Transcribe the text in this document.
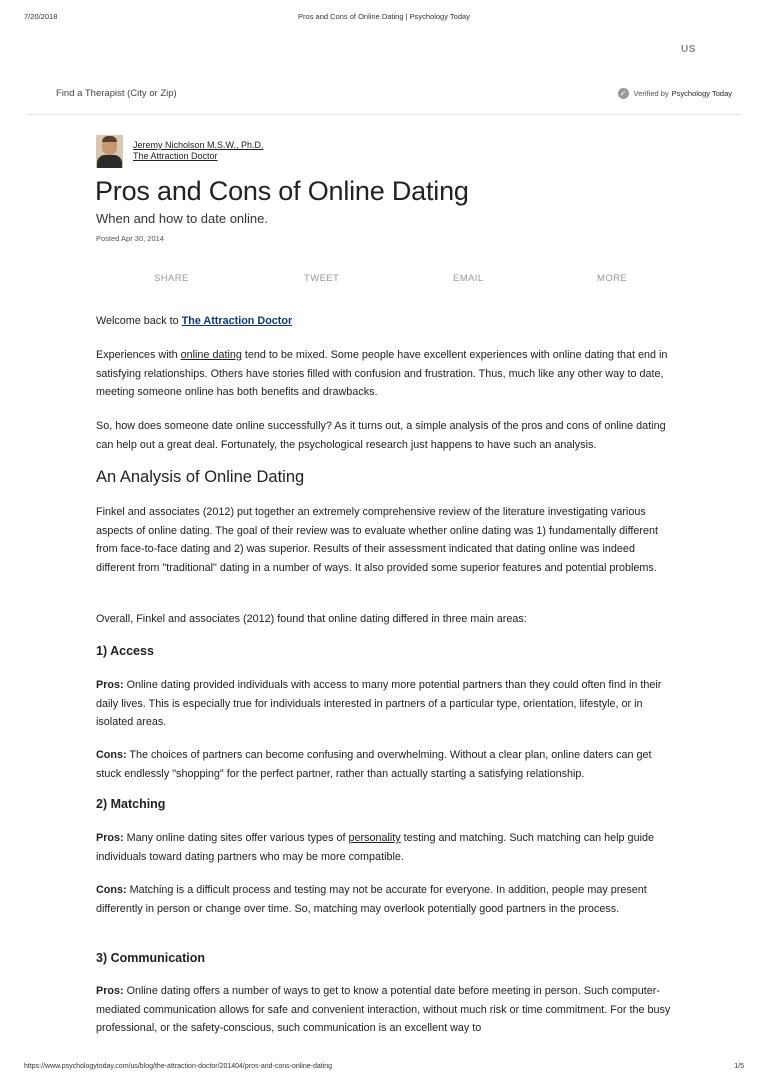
7/20/2018	Pros and Cons of Online Dating | Psychology Today
US
Find a Therapist (City or Zip)	✓ Verified by Psychology Today
Jeremy Nicholson M.S.W., Ph.D.
The Attraction Doctor
Pros and Cons of Online Dating
When and how to date online.
Posted Apr 30, 2014
SHARE	TWEET	EMAIL	MORE

Welcome back to The Attraction Doctor

Experiences with online dating tend to be mixed. Some people have excellent experiences with online dating that end in satisfying relationships. Others have stories filled with confusion and frustration. Thus, much like any other way to date, meeting someone online has both benefits and drawbacks.

So, how does someone date online successfully? As it turns out, a simple analysis of the pros and cons of online dating can help out a great deal. Fortunately, the psychological research just happens to have such an analysis.

An Analysis of Online Dating

Finkel and associates (2012) put together an extremely comprehensive review of the literature investigating various aspects of online dating. The goal of their review was to evaluate whether online dating was 1) fundamentally different from face-to-face dating and 2) was superior. Results of their assessment indicated that dating online was indeed different from "traditional" dating in a number of ways. It also provided some superior features and potential problems.

Overall, Finkel and associates (2012) found that online dating differed in three main areas:

1) Access

Pros: Online dating provided individuals with access to many more potential partners than they could often find in their daily lives. This is especially true for individuals interested in partners of a particular type, orientation, lifestyle, or in isolated areas.

Cons: The choices of partners can become confusing and overwhelming. Without a clear plan, online daters can get stuck endlessly "shopping" for the perfect partner, rather than actually starting a satisfying relationship.

2) Matching

Pros: Many online dating sites offer various types of personality testing and matching. Such matching can help guide individuals toward dating partners who may be more compatible.

Cons: Matching is a difficult process and testing may not be accurate for everyone. In addition, people may present differently in person or change over time. So, matching may overlook potentially good partners in the process.

3) Communication

Pros: Online dating offers a number of ways to get to know a potential date before meeting in person. Such computer-mediated communication allows for safe and convenient interaction, without much risk or time commitment. For the busy professional, or the safety-conscious, such communication is an excellent way to

https://www.psychologytoday.com/us/blog/the-attraction-doctor/201404/pros-and-cons-online-dating	1/5
